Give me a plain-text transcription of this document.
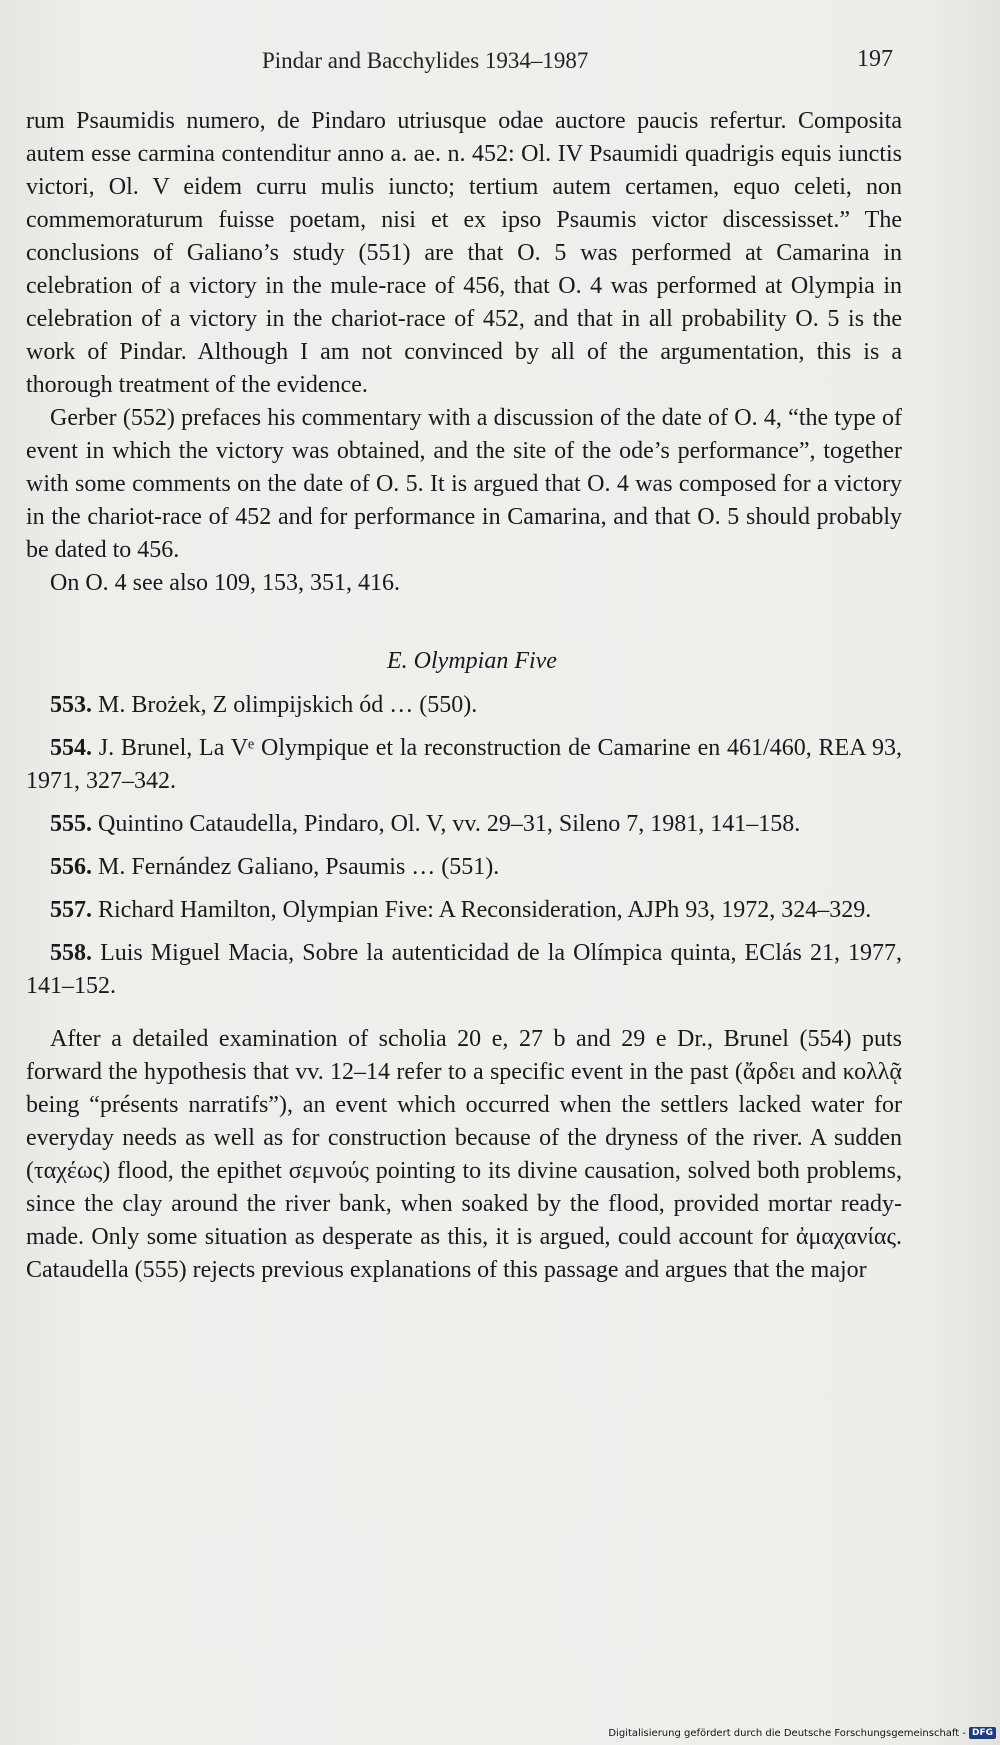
Pindar and Bacchylides 1934–1987	197

rum Psaumidis numero, de Pindaro utriusque odae auctore paucis refertur. Composita autem esse carmina contenditur anno a. ae. n. 452: Ol. IV Psaumidi quadrigis equis iunctis victori, Ol. V eidem curru mulis iuncto; tertium autem certamen, equo celeti, non commemoraturum fuisse poetam, nisi et ex ipso Psaumis victor discessisset.” The conclusions of Galiano’s study (551) are that O. 5 was performed at Camarina in celebration of a victory in the mule-race of 456, that O. 4 was performed at Olympia in celebration of a victory in the chariot-race of 452, and that in all probability O. 5 is the work of Pindar. Although I am not convinced by all of the argumentation, this is a thorough treatment of the evidence.

Gerber (552) prefaces his commentary with a discussion of the date of O. 4, “the type of event in which the victory was obtained, and the site of the ode’s performance”, together with some comments on the date of O. 5. It is argued that O. 4 was composed for a victory in the chariot-race of 452 and for performance in Camarina, and that O. 5 should probably be dated to 456.

On O. 4 see also 109, 153, 351, 416.

E. Olympian Five

553. M. Brożek, Z olimpijskich ód … (550).

554. J. Brunel, La Vᵉ Olympique et la reconstruction de Camarine en 461/460, REA 93, 1971, 327–342.

555. Quintino Cataudella, Pindaro, Ol. V, vv. 29–31, Sileno 7, 1981, 141–158.

556. M. Fernández Galiano, Psaumis … (551).

557. Richard Hamilton, Olympian Five: A Reconsideration, AJPh 93, 1972, 324–329.

558. Luis Miguel Macia, Sobre la autenticidad de la Olímpica quinta, EClás 21, 1977, 141–152.

After a detailed examination of scholia 20 e, 27 b and 29 e Dr., Brunel (554) puts forward the hypothesis that vv. 12–14 refer to a specific event in the past (ἄρδει and κολλᾷ being “présents narratifs”), an event which occurred when the settlers lacked water for everyday needs as well as for construction because of the dryness of the river. A sudden (ταχέως) flood, the epithet σεμνούς pointing to its divine causation, solved both problems, since the clay around the river bank, when soaked by the flood, provided mortar ready-made. Only some situation as desperate as this, it is argued, could account for ἀμαχανίας. Cataudella (555) rejects previous explanations of this passage and argues that the major

Digitalisierung gefördert durch die Deutsche Forschungsgemeinschaft - DFG
